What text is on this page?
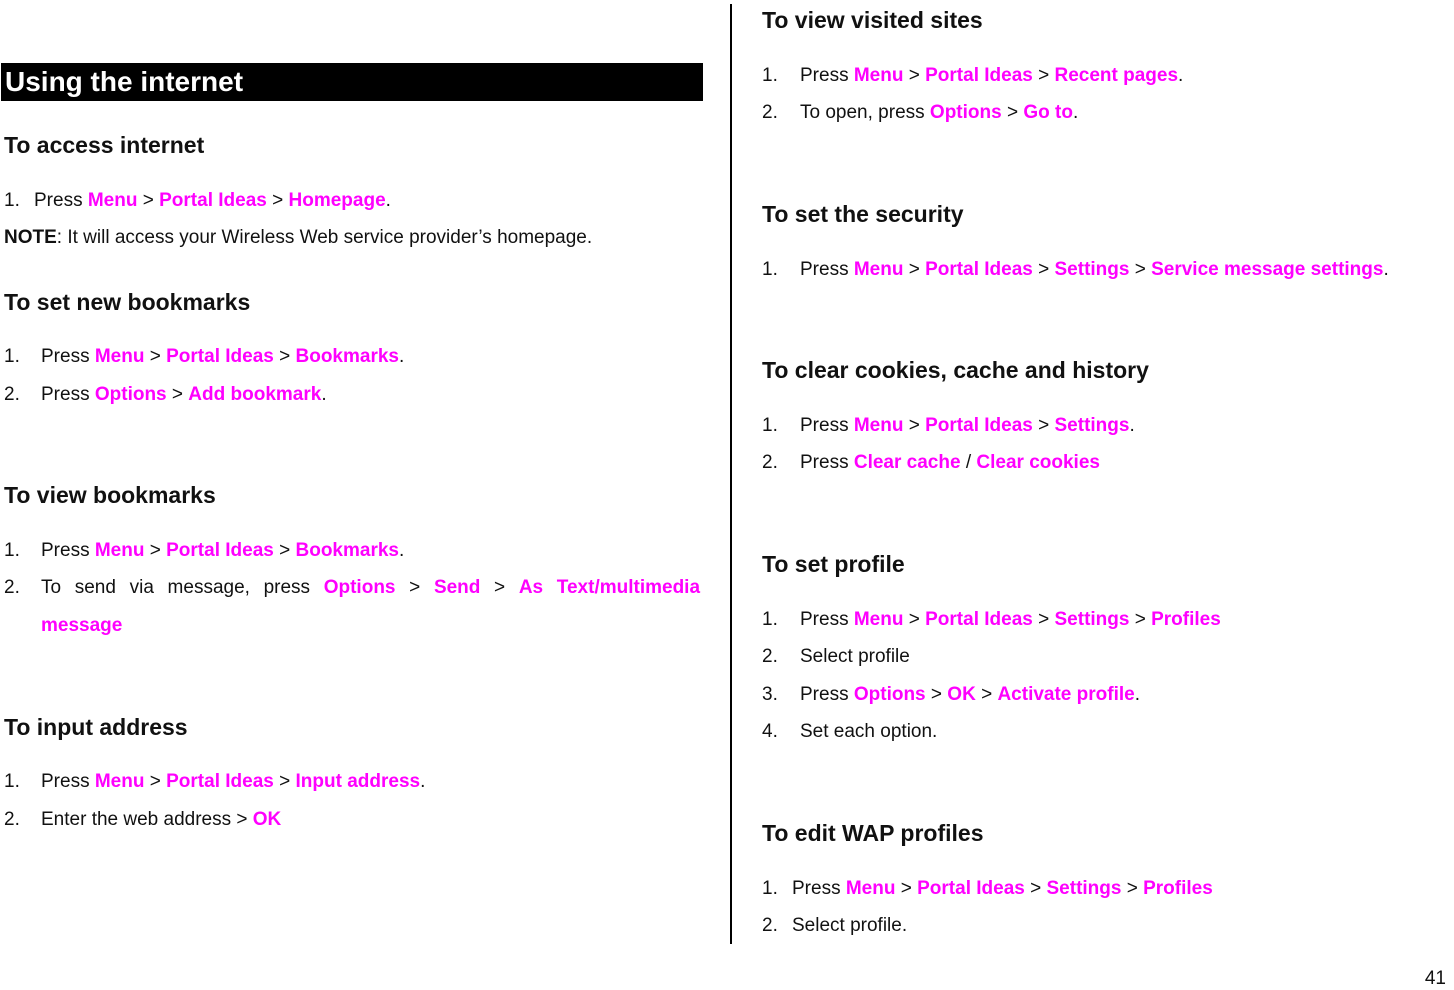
Using the internet
To access internet
1. Press Menu > Portal Ideas > Homepage.
NOTE: It will access your Wireless Web service provider’s homepage.
To set new bookmarks
1. Press Menu > Portal Ideas > Bookmarks.
2. Press Options > Add bookmark.
To view bookmarks
1. Press Menu > Portal Ideas > Bookmarks.
2.	To send via message, press Options > Send > As Text/multimedia
message
To input address
1. Press Menu > Portal Ideas > Input address.
2. Enter the web address > OK
To view visited sites
1. Press Menu > Portal Ideas > Recent pages.
2. To open, press Options > Go to.
To set the security
1. Press Menu > Portal Ideas > Settings > Service message settings.
To clear cookies, cache and history
1. Press Menu > Portal Ideas > Settings.
2. Press Clear cache / Clear cookies
To set profile
1. Press Menu > Portal Ideas > Settings > Profiles
2. Select profile
3. Press Options > OK > Activate profile.
4. Set each option.
To edit WAP profiles
1. Press Menu > Portal Ideas > Settings > Profiles
2. Select profile.
41
